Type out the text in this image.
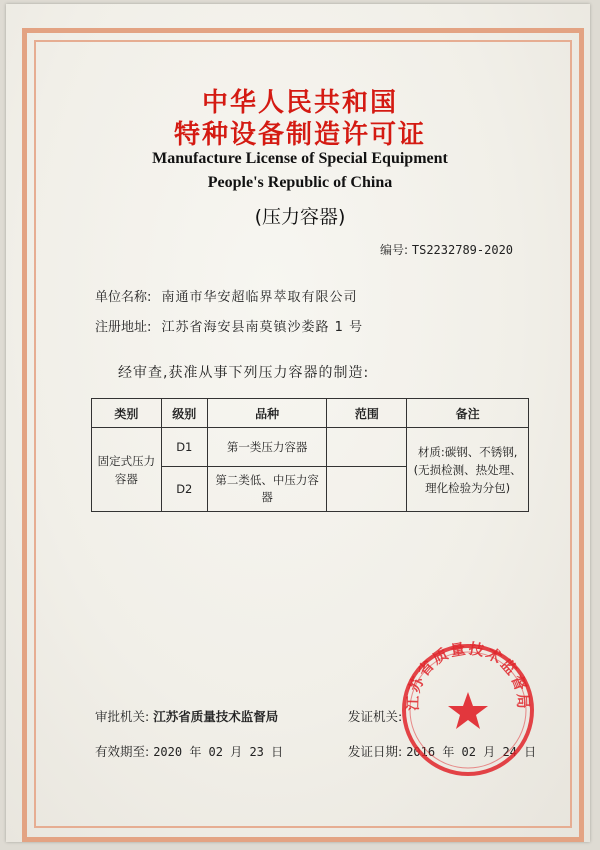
中华人民共和国
特种设备制造许可证
Manufacture License of Special Equipment
People's Republic of China
(压力容器)
编号: TS2232789-2020
单位名称: 南通市华安超临界萃取有限公司
注册地址: 江苏省海安县南莫镇沙娄路 1 号
经审查,获准从事下列压力容器的制造:
类别	级别	品种	范围	备注
固定式压力容器	D1	第一类压力容器		材质:碳钢、不锈钢,(无损检测、热处理、理化检验为分包)
	D2	第二类低、中压力容器		
审批机关: 江苏省质量技术监督局	发证机关:
有效期至: 2020 年 02 月 23 日	发证日期: 2016 年 02 月 24 日
江苏省质量技术监督局
